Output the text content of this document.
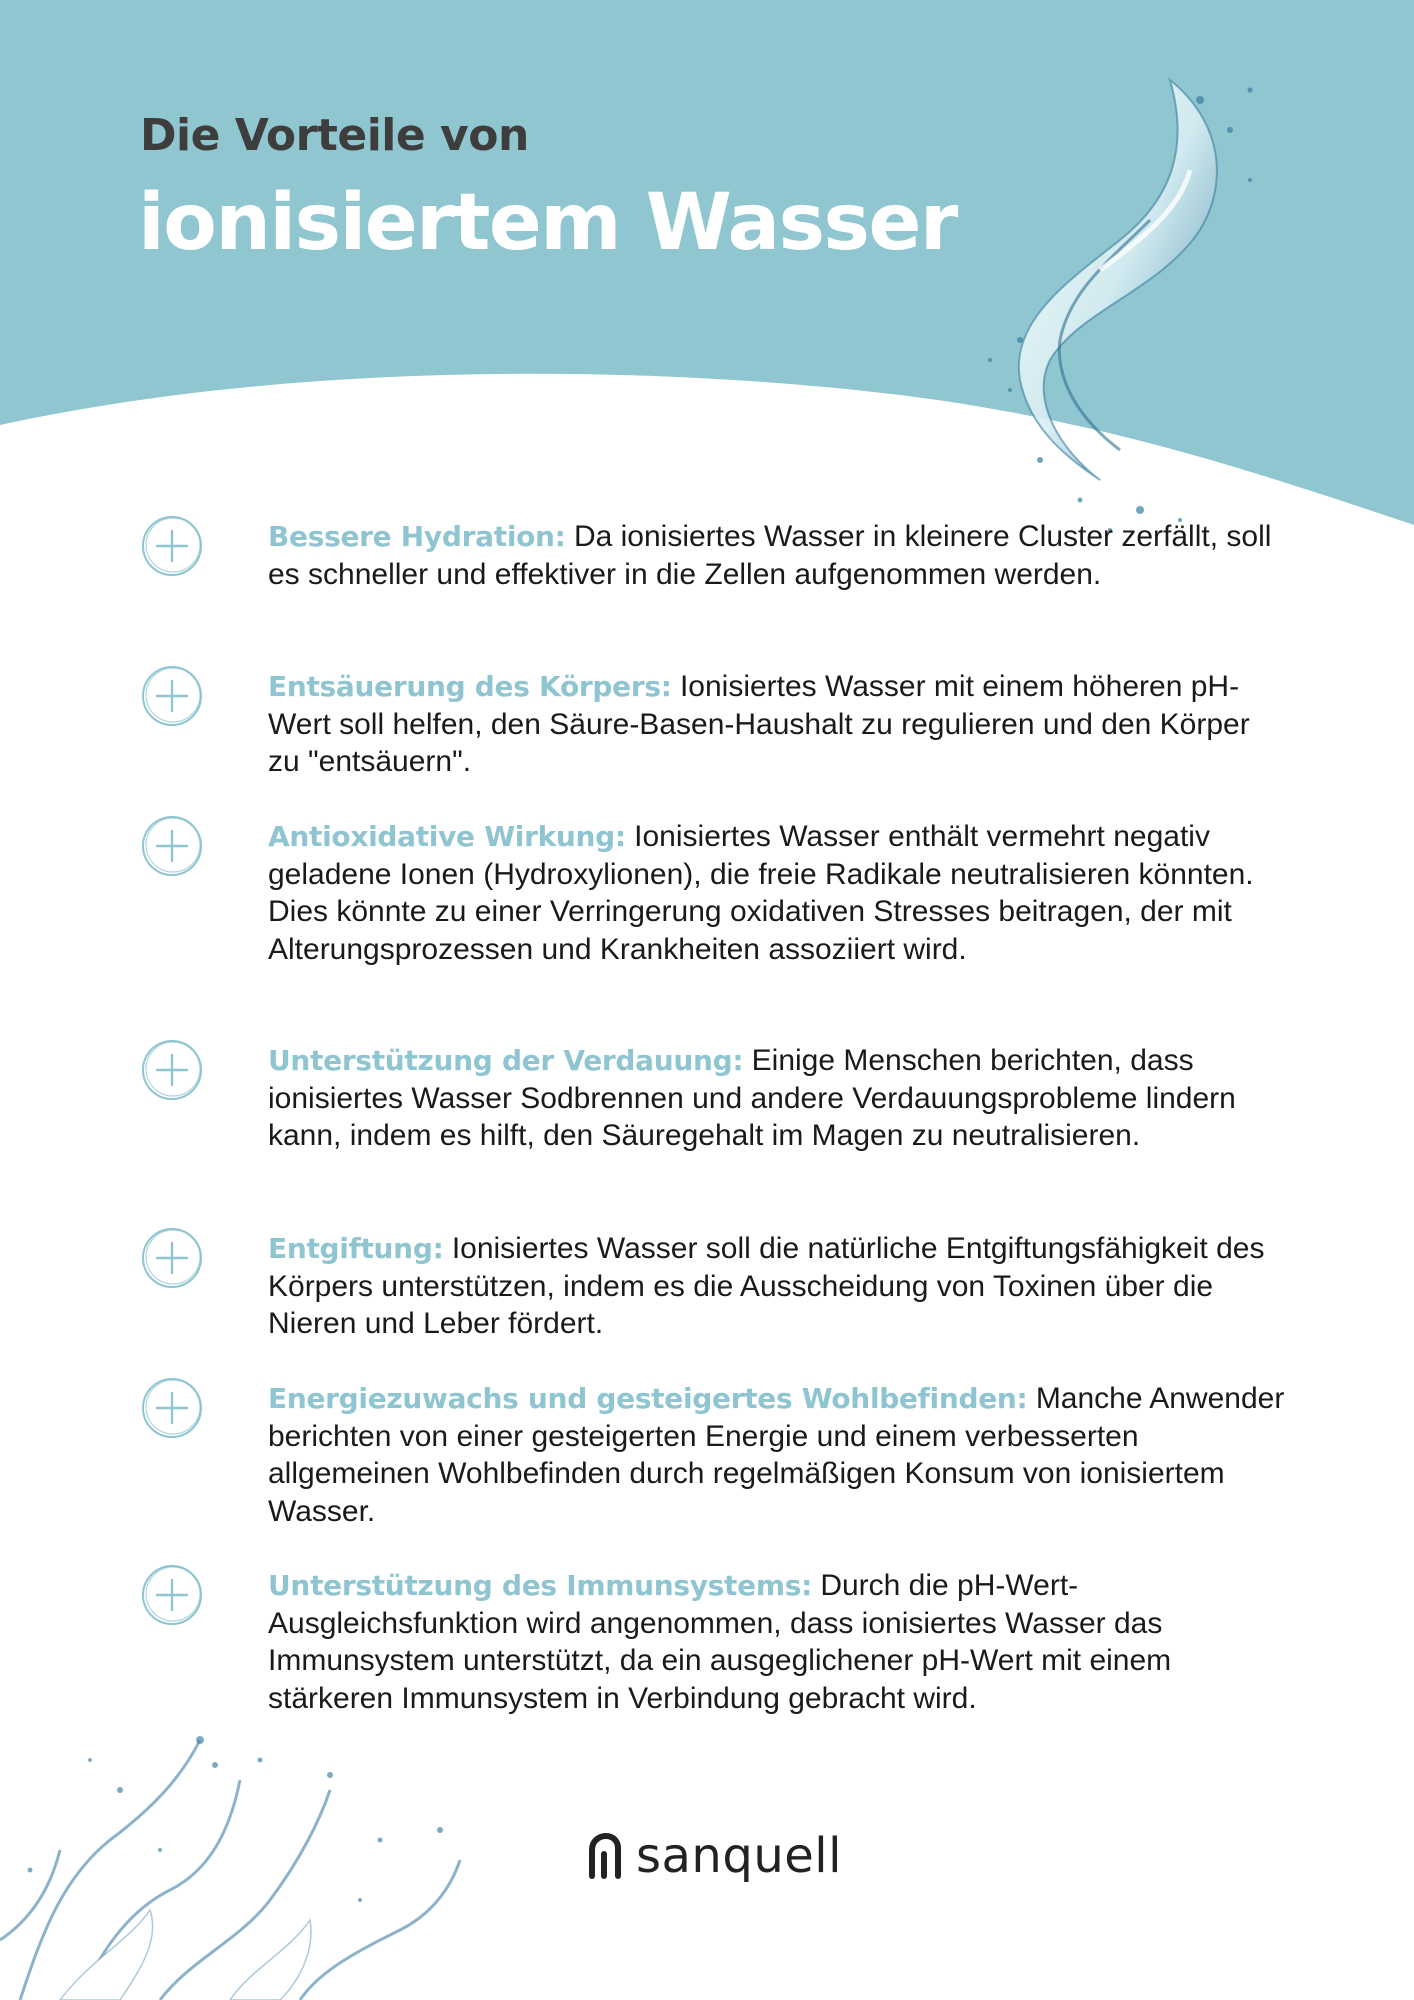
Die Vorteile von
ionisiertem Wasser
Bessere Hydration: Da ionisiertes Wasser in kleinere Cluster zerfällt, soll es schneller und effektiver in die Zellen aufgenommen werden.
Entsäuerung des Körpers: Ionisiertes Wasser mit einem höheren pH-Wert soll helfen, den Säure-Basen-Haushalt zu regulieren und den Körper zu "entsäuern".
Antioxidative Wirkung: Ionisiertes Wasser enthält vermehrt negativ geladene Ionen (Hydroxylionen), die freie Radikale neutralisieren könnten. Dies könnte zu einer Verringerung oxidativen Stresses beitragen, der mit Alterungsprozessen und Krankheiten assoziiert wird.
Unterstützung der Verdauung: Einige Menschen berichten, dass ionisiertes Wasser Sodbrennen und andere Verdauungsprobleme lindern kann, indem es hilft, den Säuregehalt im Magen zu neutralisieren.
Entgiftung: Ionisiertes Wasser soll die natürliche Entgiftungsfähigkeit des Körpers unterstützen, indem es die Ausscheidung von Toxinen über die Nieren und Leber fördert.
Energiezuwachs und gesteigertes Wohlbefinden: Manche Anwender berichten von einer gesteigerten Energie und einem verbesserten allgemeinen Wohlbefinden durch regelmäßigen Konsum von ionisiertem Wasser.
Unterstützung des Immunsystems: Durch die pH-Wert-Ausgleichsfunktion wird angenommen, dass ionisiertes Wasser das Immunsystem unterstützt, da ein ausgeglichener pH-Wert mit einem stärkeren Immunsystem in Verbindung gebracht wird.
sanquell
